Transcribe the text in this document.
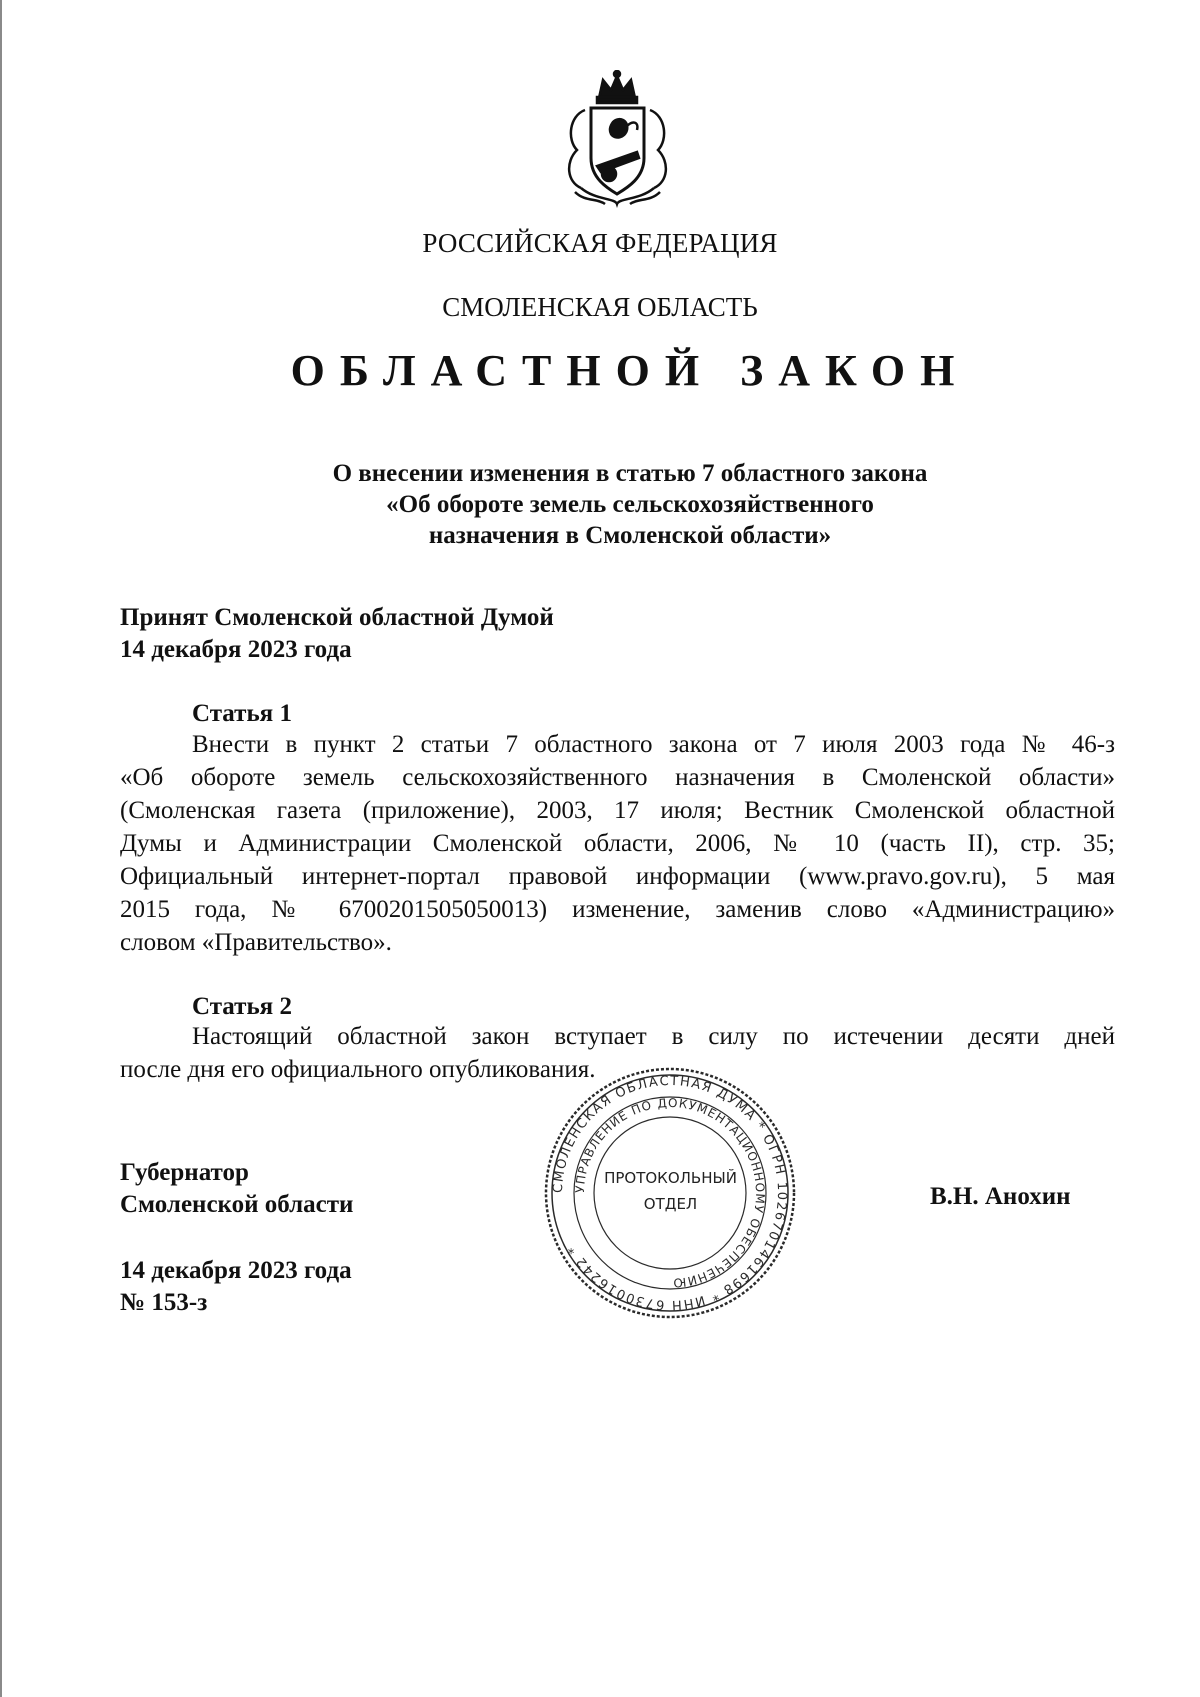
РОССИЙСКАЯ ФЕДЕРАЦИЯ
СМОЛЕНСКАЯ ОБЛАСТЬ
ОБЛАСТНОЙ ЗАКОН
О внесении изменения в статью 7 областного закона
«Об обороте земель сельскохозяйственного
назначения в Смоленской области»
Принят Смоленской областной Думой
14 декабря 2023 года
Статья 1
Внести в пункт 2 статьи 7 областного закона от 7 июля 2003 года № 46-з
«Об обороте земель сельскохозяйственного назначения в Смоленской области»
(Смоленская газета (приложение), 2003, 17 июля; Вестник Смоленской областной
Думы и Администрации Смоленской области, 2006, № 10 (часть II), стр. 35;
Официальный интернет-портал правовой информации (www.pravo.gov.ru), 5 мая
2015 года, № 6700201505050013) изменение, заменив слово «Администрацию»
словом «Правительство».
Статья 2
Настоящий областной закон вступает в силу по истечении десяти дней
после дня его официального опубликования.
СМОЛЕНСКАЯ ОБЛАСТНАЯ ДУМА * ОГРН 1026701461698 * ИНН 6730016242 *
УПРАВЛЕНИЕ ПО ДОКУМЕНТАЦИОННОМУ ОБЕСПЕЧЕНИЮ
ПРОТОКОЛЬНЫЙ
ОТДЕЛ
Губернатор
Смоленской области	В.Н. Анохин
14 декабря 2023 года
№ 153-з
